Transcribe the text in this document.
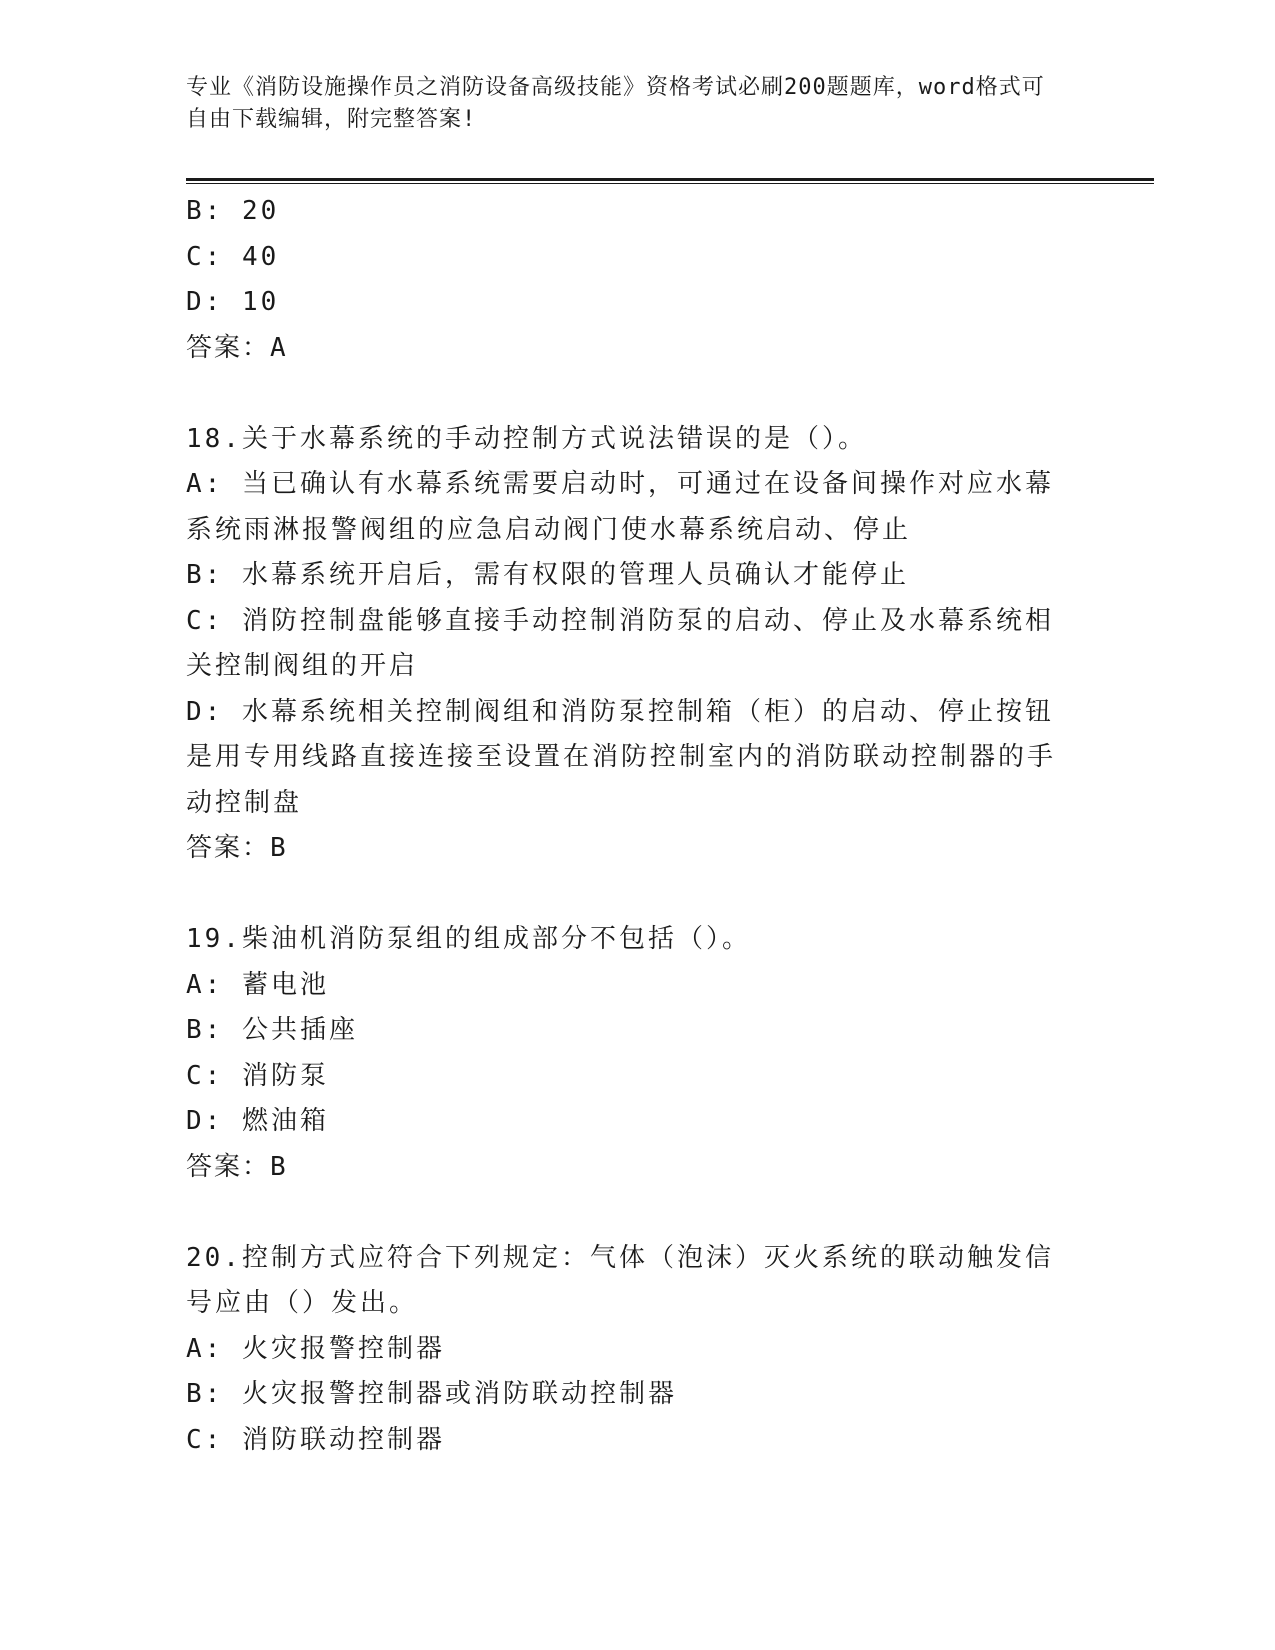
专业《消防设施操作员之消防设备高级技能》资格考试必刷200题题库，word格式可自由下载编辑，附完整答案!
B: 20
C: 40
D: 10
答案：A
18.关于水幕系统的手动控制方式说法错误的是（）。
A: 当已确认有水幕系统需要启动时，可通过在设备间操作对应水幕系统雨淋报警阀组的应急启动阀门使水幕系统启动、停止
B: 水幕系统开启后，需有权限的管理人员确认才能停止
C: 消防控制盘能够直接手动控制消防泵的启动、停止及水幕系统相关控制阀组的开启
D: 水幕系统相关控制阀组和消防泵控制箱（柜）的启动、停止按钮是用专用线路直接连接至设置在消防控制室内的消防联动控制器的手动控制盘
答案：B
19.柴油机消防泵组的组成部分不包括（）。
A: 蓄电池
B: 公共插座
C: 消防泵
D: 燃油箱
答案：B
20.控制方式应符合下列规定：气体（泡沫）灭火系统的联动触发信号应由（）发出。
A: 火灾报警控制器
B: 火灾报警控制器或消防联动控制器
C: 消防联动控制器
